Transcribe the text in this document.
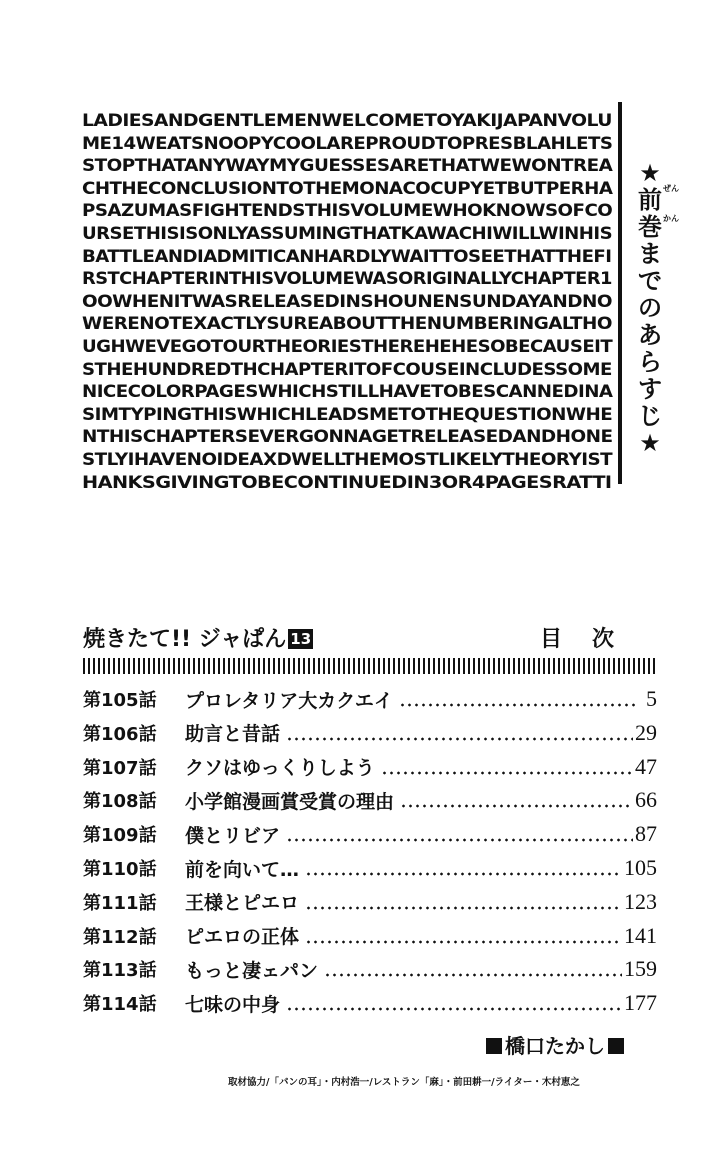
LADIESANDGENTLEMENWELCOMETOYAKIJAPANVOLU
ME14WEATSNOOPYCOOLAREPROUDTOPRESBLAHLETS
STOPTHATANYWAYMYGUESSESARETHATWEWONTREA
CHTHECONCLUSIONTOTHEMONACOCUPYETBUTPERHA
PSAZUMASFIGHTENDSTHISVOLUMEWHOKNOWSOFCO
URSETHISISONLYASSUMINGTHATKAWACHIWILLWINHIS
BATTLEANDIADMITICANHARDLYWAITTOSEETHATTHEFI
RSTCHAPTERINTHISVOLUMEWASORIGINALLYCHAPTER1
OOWHENITWASRELEASEDINSHOUNENSUNDAYANDNO
WERENOTEXACTLYSUREABOUTTHENUMBERINGALTHO
UGHWEVEGOTOURTHEORIESTHEREHEHESOBECAUSEIT
STHEHUNDREDTHCHAPTERITOFCOUSEINCLUDESSOME
NICECOLORPAGESWHICHSTILLHAVETOBESCANNEDINA
SIMTYPINGTHISWHICHLEADSMETOTHEQUESTIONWHE
NTHISCHAPTERSEVERGONNAGETRELEASEDANDHONE
STLYIHAVENOIDEAXDWELLTHEMOSTLIKELYTHEORYIST
HANKSGIVINGTOBECONTINUEDIN3OR4PAGESRATTI
ぜん
かん
★
前
巻
ま
で
の
あ
ら
す
じ
★
焼きたて!! ジャぱん 13	目次
第105話	プロレタリア大カクエイ	5
第106話	助言と昔話	29
第107話	クソはゆっくりしよう	47
第108話	小学館漫画賞受賞の理由	66
第109話	僕とリビア	87
第110話	前を向いて…	105
第111話	王様とピエロ	123
第112話	ピエロの正体	141
第113話	もっと凄ェパン	159
第114話	七味の中身	177
橋口たかし
取材協力/「パンの耳」・内村浩一/レストラン「麻」・前田耕一/ライター・木村恵之
